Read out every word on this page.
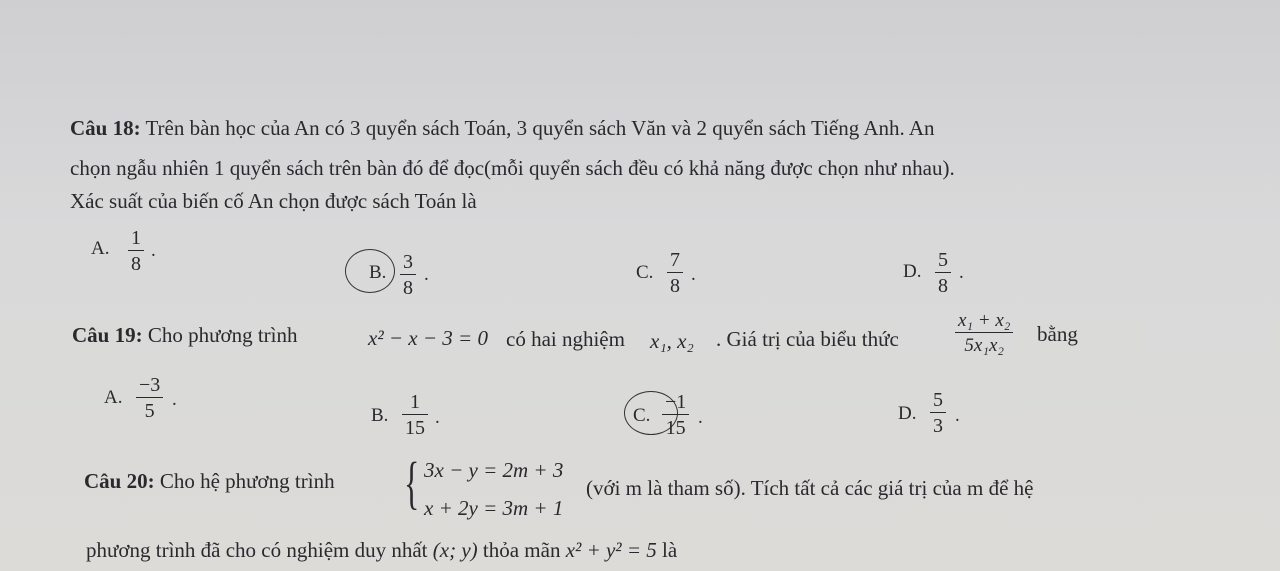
Câu 18: Trên bàn học của An có 3 quyển sách Toán, 3 quyển sách Văn và 2 quyển sách Tiếng Anh. An
chọn ngẫu nhiên 1 quyển sách trên bàn đó để đọc(mỗi quyển sách đều có khả năng được chọn như nhau).
Xác suất của biến cố An chọn được sách Toán là
A. 1
8
.
B. 3
8
.	C.
7
8
.	D.
5
8
.
Câu 19: Cho phương trình	x² − x − 3 = 0 có hai nghiệm x₁, x₂ . Giá trị của biểu thức
x₁ + x₂
5x₁x₂ bằng
A.
−3
5
.
B.
1
15 .	C.
−1
15 .	D.
5
3 .
Câu 20: Cho hệ phương trình { 3x − y = 2m + 3
x + 2y = 3m + 1
(với m là tham số). Tích tất cả các giá trị của m để hệ
phương trình đã cho có nghiệm duy nhất (x; y) thỏa mãn x² + y² = 5 là
